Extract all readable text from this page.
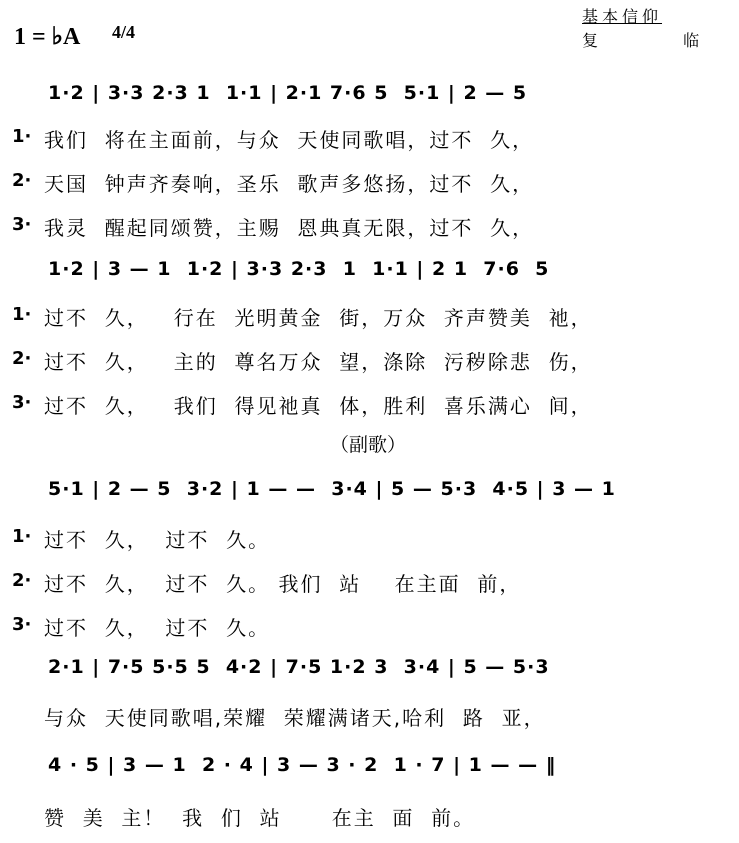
1 = ♭A 4/4
基本信仰
复 临
1·2 | 3·3 2·3 1  1·1 | 2·1 7·6 5  5·1 | 2 — 5
1· 我们  将在主面前，与众  天使同歌唱，过不  久，
2· 天国  钟声齐奏响，圣乐  歌声多悠扬，过不  久，
3· 我灵  醒起同颂赞，主赐  恩典真无限，过不  久，
1·2 | 3 — 1  1·2 | 3·3 2·3  1  1·1 | 2 1  7·6  5
1· 过不  久，   行在  光明黄金  街，万众  齐声赞美  祂，
2· 过不  久，   主的  尊名万众  望，涤除  污秽除悲  伤，
3· 过不  久，   我们  得见祂真  体，胜利  喜乐满心  间，
（副歌）
5·1 | 2 — 5  3·2 | 1 — —  3·4 | 5 — 5·3  4·5 | 3 — 1
1· 过不  久，  过不  久。
2· 过不  久，  过不  久。 我们  站    在主面  前，
3· 过不  久，  过不  久。
2·1 | 7·5 5·5 5  4·2 | 7·5 1·2 3  3·4 | 5 — 5·3
与众  天使同歌唱,荣耀  荣耀满诸天,哈利  路  亚，
4 · 5 | 3 — 1  2 · 4 | 3 — 3 · 2  1 · 7 | 1 — — ‖
赞  美  主！  我  们  站      在主  面  前。
